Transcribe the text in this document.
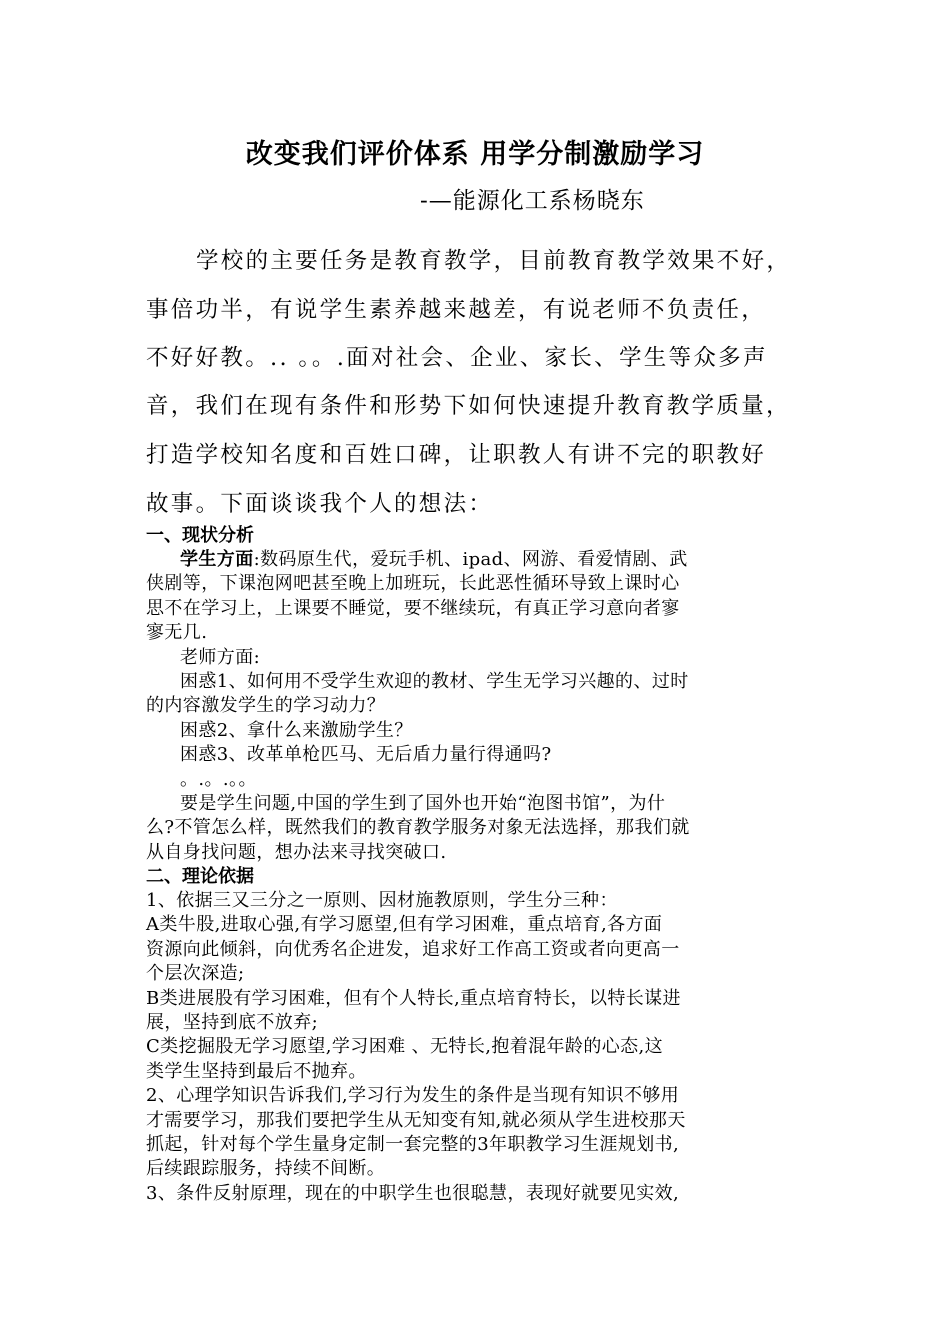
改变我们评价体系 用学分制激励学习
-—能源化工系杨晓东
学校的主要任务是教育教学，目前教育教学效果不好，
事倍功半，有说学生素养越来越差，有说老师不负责任，
不好好教。.. 。。.面对社会、企业、家长、学生等众多声
音，我们在现有条件和形势下如何快速提升教育教学质量，
打造学校知名度和百姓口碑，让职教人有讲不完的职教好
故事。下面谈谈我个人的想法：
一、现状分析
学生方面:数码原生代，爱玩手机、ipad、网游、看爱情剧、武
侠剧等，下课泡网吧甚至晚上加班玩，长此恶性循环导致上课时心
思不在学习上，上课要不睡觉，要不继续玩，有真正学习意向者寥
寥无几.
老师方面:
困惑1、如何用不受学生欢迎的教材、学生无学习兴趣的、过时
的内容激发学生的学习动力？
困惑2、拿什么来激励学生？
困惑3、改革单枪匹马、无后盾力量行得通吗?
。.。.。。
要是学生问题,中国的学生到了国外也开始“泡图书馆”，为什
么?不管怎么样，既然我们的教育教学服务对象无法选择，那我们就
从自身找问题，想办法来寻找突破口.
二、理论依据
1、依据三又三分之一原则、因材施教原则，学生分三种：
A类牛股,进取心强,有学习愿望,但有学习困难，重点培育,各方面
资源向此倾斜，向优秀名企进发，追求好工作高工资或者向更高一
个层次深造;
B类进展股有学习困难，但有个人特长,重点培育特长，以特长谋进
展，坚持到底不放弃;
C类挖掘股无学习愿望,学习困难 、无特长,抱着混年龄的心态,这
类学生坚持到最后不抛弃。
2、心理学知识告诉我们,学习行为发生的条件是当现有知识不够用
才需要学习，那我们要把学生从无知变有知,就必须从学生进校那天
抓起，针对每个学生量身定制一套完整的3年职教学习生涯规划书,
后续跟踪服务，持续不间断。
3、条件反射原理，现在的中职学生也很聪慧，表现好就要见实效,
